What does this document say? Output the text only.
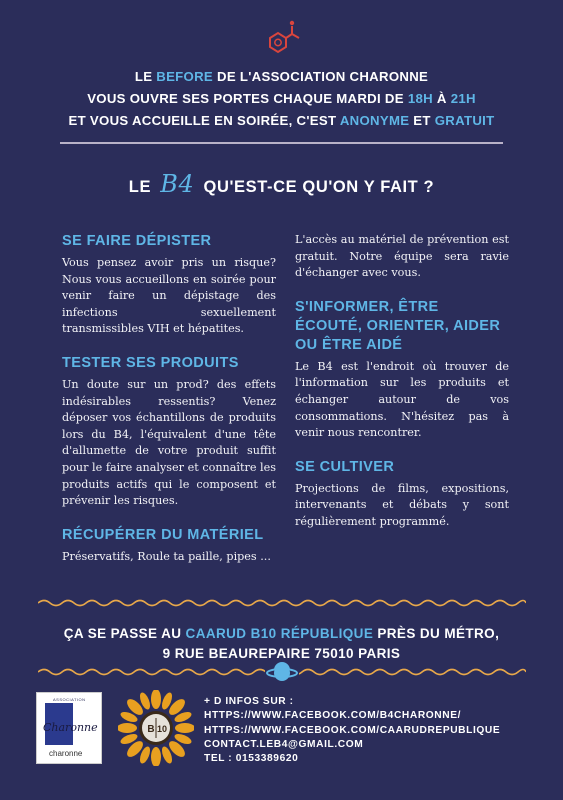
LE BEFORE DE L'ASSOCIATION CHARONNE
VOUS OUVRE SES PORTES CHAQUE MARDI DE 18H À 21H
ET VOUS ACCUEILLE EN SOIRÉE, C'EST ANONYME ET GRATUIT
LE B4 QU'EST-CE QU'ON Y FAIT ?
SE FAIRE DÉPISTER
Vous pensez avoir pris un risque? Nous vous accueillons en soirée pour venir faire un dépistage des infections sexuellement transmissibles VIH et hépatites.
TESTER SES PRODUITS
Un doute sur un prod? des effets indésirables ressentis? Venez déposer vos échantillons de produits lors du B4, l'équivalent d'une tête d'allumette de votre produit suffit pour le faire analyser et connaître les produits actifs qui le composent et prévenir les risques.
RÉCUPÉRER DU MATÉRIEL
Préservatifs, Roule ta paille, pipes ...
L'accès au matériel de prévention est gratuit. Notre équipe sera ravie d'échanger avec vous.
S'INFORMER, ÊTRE ÉCOUTÉ, ORIENTER, AIDER OU ÊTRE AIDÉ
Le B4 est l'endroit où trouver de l'information sur les produits et échanger autour de vos consommations. N'hésitez pas à venir nous rencontrer.
SE CULTIVER
Projections de films, expositions, intervenants et débats y sont régulièrement programmé.
ÇA SE PASSE AU CAARUD B10 RÉPUBLIQUE PRÈS DU MÉTRO,
9 RUE BEAUREPAIRE 75010 PARIS
ASSOCIATION
Charonne
charonne
B 10
+ D INFOS SUR :
HTTPS://WWW.FACEBOOK.COM/B4CHARONNE/
HTTPS://WWW.FACEBOOK.COM/CAARUDREPUBLIQUE
CONTACT.LEB4@GMAIL.COM
TEL : 0153389620
